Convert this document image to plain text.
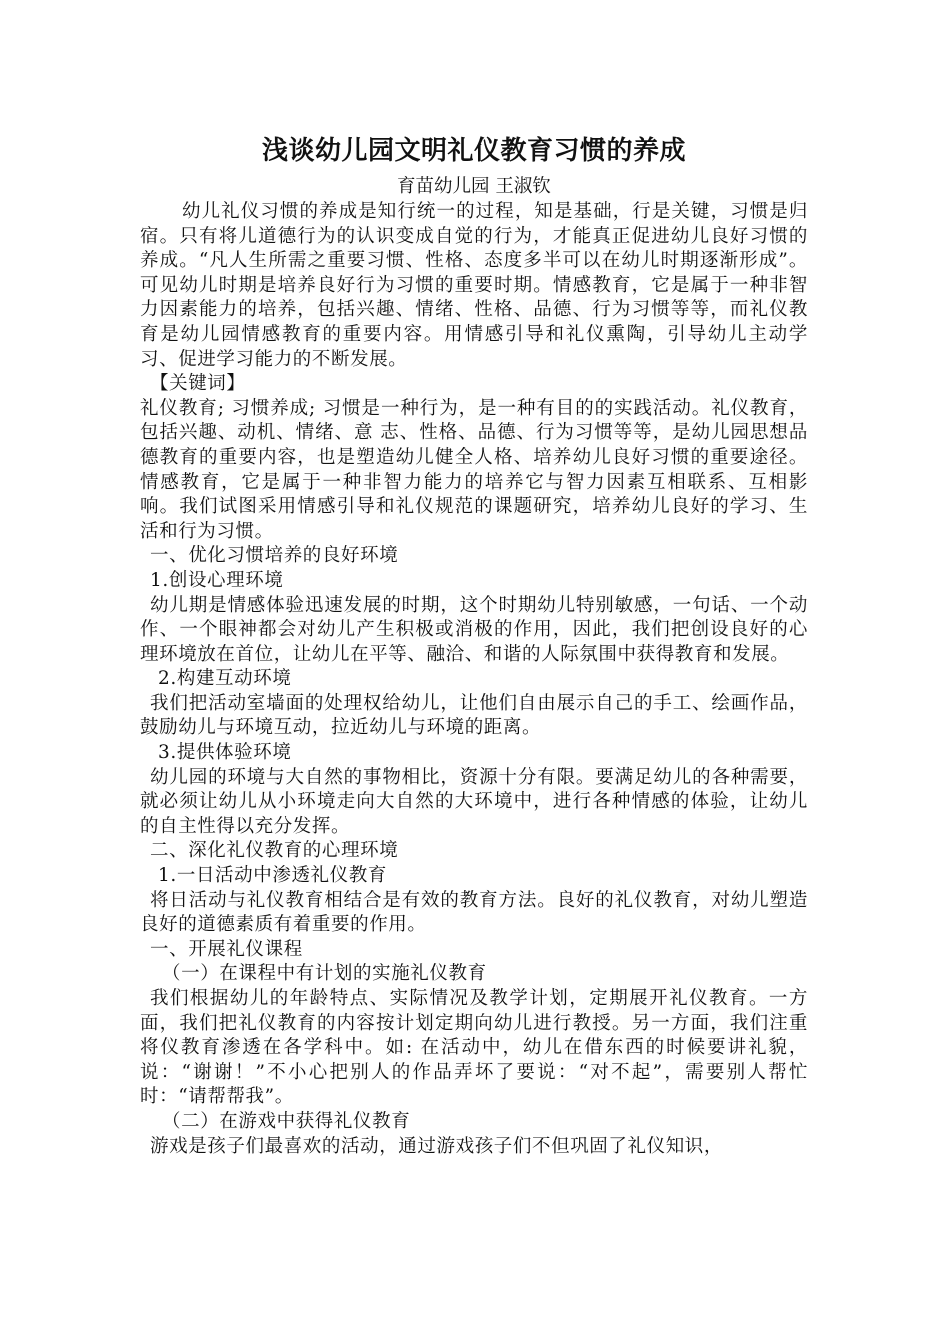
浅谈幼儿园文明礼仪教育习惯的养成

育苗幼儿园 王淑钦

幼儿礼仪习惯的养成是知行统一的过程，知是基础，行是关键，习惯是归宿。只有将儿道德行为的认识变成自觉的行为，才能真正促进幼儿良好习惯的养成。“凡人生所需之重要习惯、性格、态度多半可以在幼儿时期逐渐形成”。可见幼儿时期是培养良好行为习惯的重要时期。情感教育，它是属于一种非智力因素能力的培养，包括兴趣、情绪、性格、品德、行为习惯等等，而礼仪教育是幼儿园情感教育的重要内容。用情感引导和礼仪熏陶，引导幼儿主动学习、促进学习能力的不断发展。

【关键词】

礼仪教育; 习惯养成; 习惯是一种行为，是一种有目的的实践活动。礼仪教育，包括兴趣、动机、情绪、意 志、性格、品德、行为习惯等等，是幼儿园思想品德教育的重要内容，也是塑造幼儿健全人格、培养幼儿良好习惯的重要途径。情感教育，它是属于一种非智力能力的培养它与智力因素互相联系、互相影响。我们试图采用情感引导和礼仪规范的课题研究，培养幼儿良好的学习、生活和行为习惯。

一、优化习惯培养的良好环境

1.创设心理环境

幼儿期是情感体验迅速发展的时期，这个时期幼儿特别敏感，一句话、一个动作、一个眼神都会对幼儿产生积极或消极的作用，因此，我们把创设良好的心理环境放在首位，让幼儿在平等、融洽、和谐的人际氛围中获得教育和发展。

2.构建互动环境

我们把活动室墙面的处理权给幼儿，让他们自由展示自己的手工、绘画作品，鼓励幼儿与环境互动，拉近幼儿与环境的距离。

3.提供体验环境

幼儿园的环境与大自然的事物相比，资源十分有限。要满足幼儿的各种需要，就必须让幼儿从小环境走向大自然的大环境中，进行各种情感的体验，让幼儿的自主性得以充分发挥。

二、深化礼仪教育的心理环境

1.一日活动中渗透礼仪教育

将日活动与礼仪教育相结合是有效的教育方法。良好的礼仪教育，对幼儿塑造良好的道德素质有着重要的作用。

一、开展礼仪课程

（一）在课程中有计划的实施礼仪教育

我们根据幼儿的年龄特点、实际情况及教学计划，定期展开礼仪教育。一方面，我们把礼仪教育的内容按计划定期向幼儿进行教授。另一方面，我们注重将仪教育渗透在各学科中。如: 在活动中，幼儿在借东西的时候要讲礼貌，说：“谢谢！”不小心把别人的作品弄坏了要说：“对不起”，需要别人帮忙时：“请帮帮我”。

（二）在游戏中获得礼仪教育

游戏是孩子们最喜欢的活动，通过游戏孩子们不但巩固了礼仪知识，
